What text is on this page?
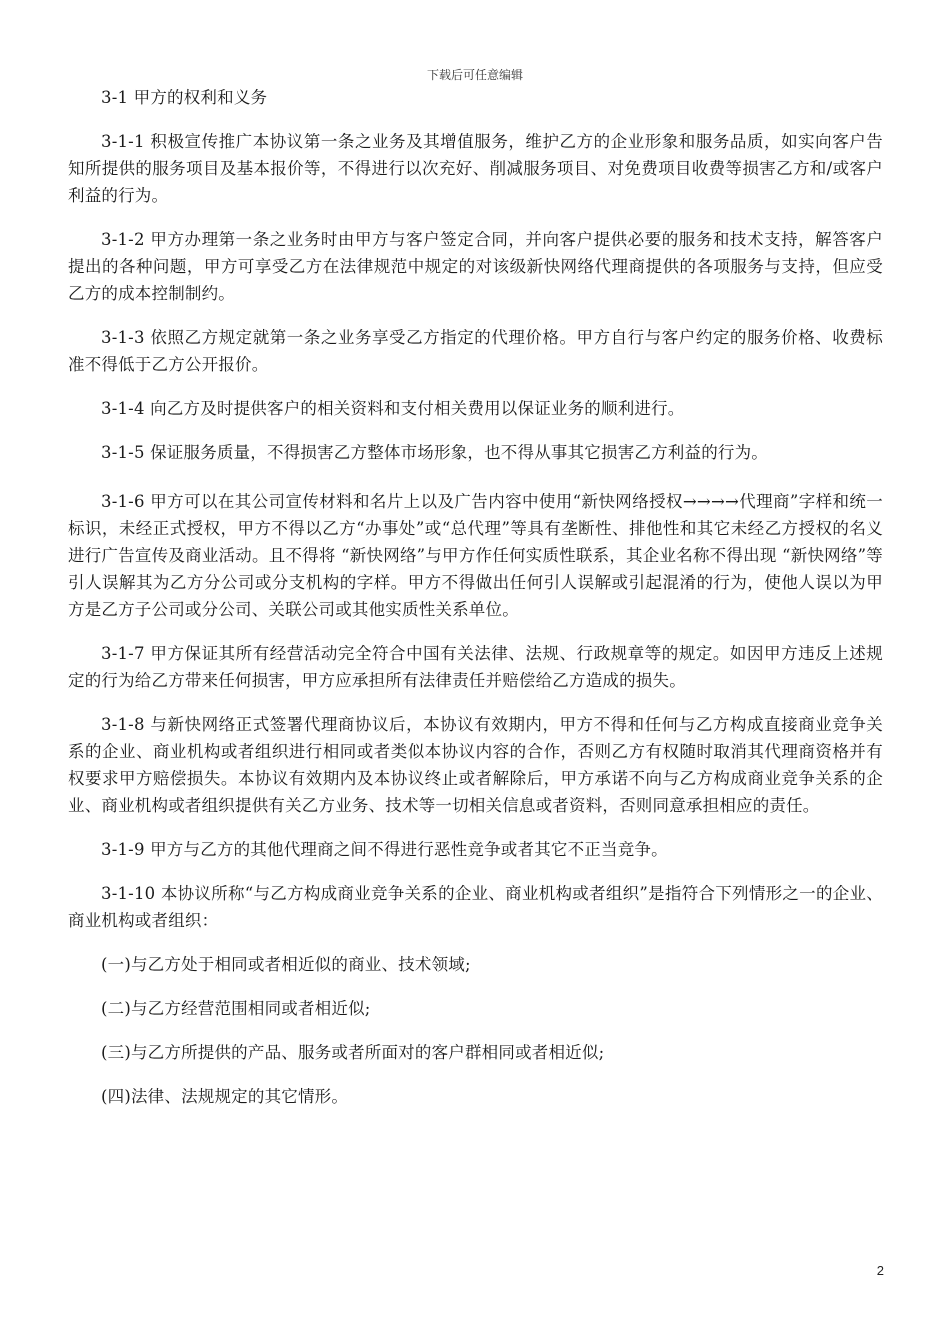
下载后可任意编辑

3-1 甲方的权利和义务

3-1-1 积极宣传推广本协议第一条之业务及其增值服务，维护乙方的企业形象和服务品质，如实向客户告知所提供的服务项目及基本报价等，不得进行以次充好、削减服务项目、对免费项目收费等损害乙方和/或客户利益的行为。

3-1-2 甲方办理第一条之业务时由甲方与客户签定合同，并向客户提供必要的服务和技术支持，解答客户提出的各种问题，甲方可享受乙方在法律规范中规定的对该级新快网络代理商提供的各项服务与支持，但应受乙方的成本控制制约。

3-1-3 依照乙方规定就第一条之业务享受乙方指定的代理价格。甲方自行与客户约定的服务价格、收费标准不得低于乙方公开报价。

3-1-4 向乙方及时提供客户的相关资料和支付相关费用以保证业务的顺利进行。

3-1-5 保证服务质量，不得损害乙方整体市场形象，也不得从事其它损害乙方利益的行为。

3-1-6 甲方可以在其公司宣传材料和名片上以及广告内容中使用“新快网络授权→→→→代理商”字样和统一标识，未经正式授权，甲方不得以乙方“办事处”或“总代理”等具有垄断性、排他性和其它未经乙方授权的名义进行广告宣传及商业活动。且不得将 “新快网络”与甲方作任何实质性联系，其企业名称不得出现 “新快网络”等引人误解其为乙方分公司或分支机构的字样。甲方不得做出任何引人误解或引起混淆的行为，使他人误以为甲方是乙方子公司或分公司、关联公司或其他实质性关系单位。

3-1-7 甲方保证其所有经营活动完全符合中国有关法律、法规、行政规章等的规定。如因甲方违反上述规定的行为给乙方带来任何损害，甲方应承担所有法律责任并赔偿给乙方造成的损失。

3-1-8 与新快网络正式签署代理商协议后，本协议有效期内，甲方不得和任何与乙方构成直接商业竞争关系的企业、商业机构或者组织进行相同或者类似本协议内容的合作，否则乙方有权随时取消其代理商资格并有权要求甲方赔偿损失。本协议有效期内及本协议终止或者解除后，甲方承诺不向与乙方构成商业竞争关系的企业、商业机构或者组织提供有关乙方业务、技术等一切相关信息或者资料，否则同意承担相应的责任。

3-1-9 甲方与乙方的其他代理商之间不得进行恶性竞争或者其它不正当竞争。

3-1-10 本协议所称“与乙方构成商业竞争关系的企业、商业机构或者组织”是指符合下列情形之一的企业、商业机构或者组织：

(一)与乙方处于相同或者相近似的商业、技术领域;

(二)与乙方经营范围相同或者相近似;

(三)与乙方所提供的产品、服务或者所面对的客户群相同或者相近似;

(四)法律、法规规定的其它情形。

2
